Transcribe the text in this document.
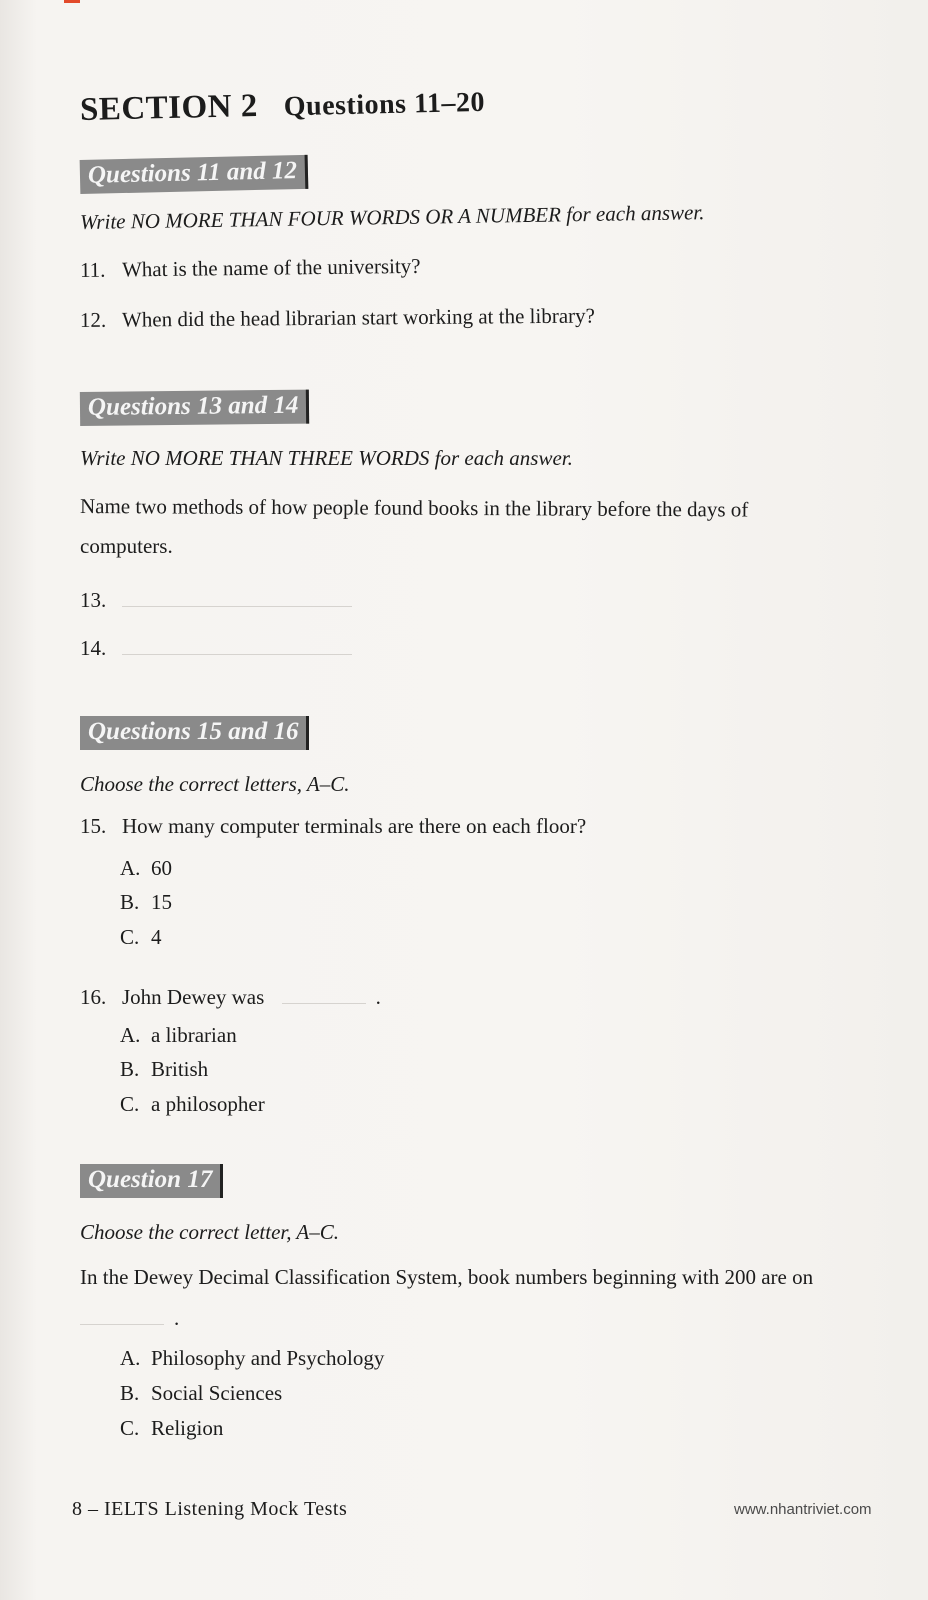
SECTION 2 Questions 11–20
Questions 11 and 12
Write NO MORE THAN FOUR WORDS OR A NUMBER for each answer.
11. What is the name of the university?
12. When did the head librarian start working at the library?
Questions 13 and 14
Write NO MORE THAN THREE WORDS for each answer.
Name two methods of how people found books in the library before the days of
computers.
13.
14.
Questions 15 and 16
Choose the correct letters, A–C.
15. How many computer terminals are there on each floor?
A. 60
B. 15
C. 4
16. John Dewey was	.
A. a librarian
B. British
C. a philosopher
Question 17
Choose the correct letter, A–C.
In the Dewey Decimal Classification System, book numbers beginning with 200 are on
.
A. Philosophy and Psychology
B. Social Sciences
C. Religion
8 – IELTS Listening Mock Tests	www.nhantriviet.com
